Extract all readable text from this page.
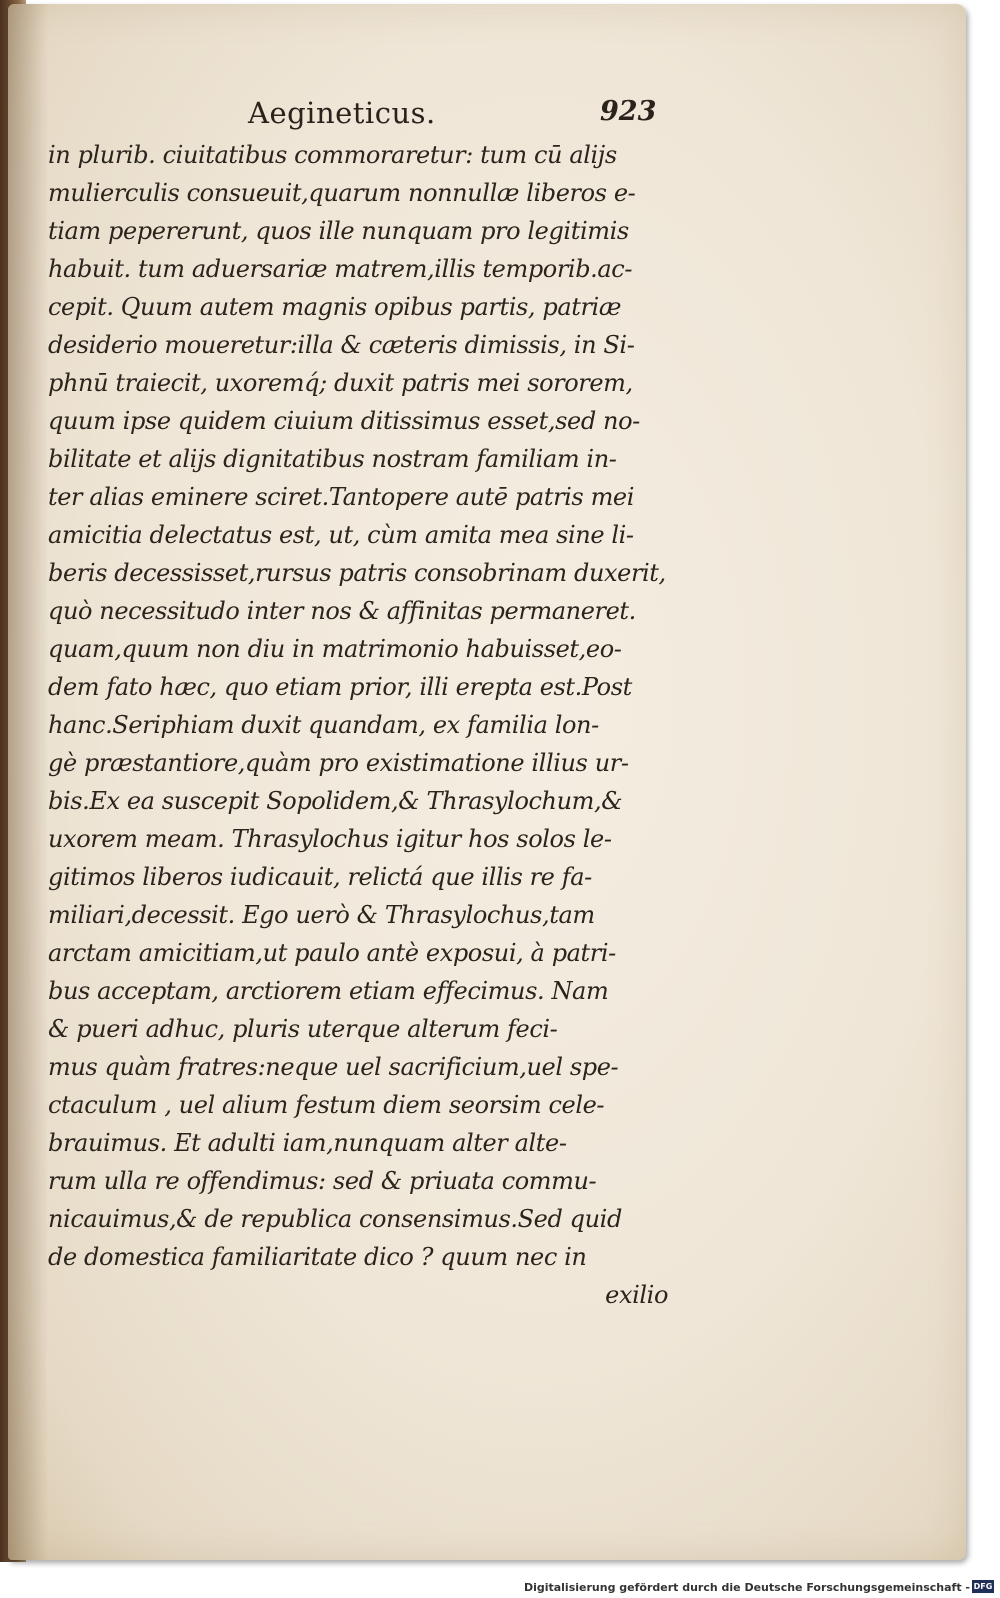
Aegineticus.	923
in plurib. ciuitatibus commoraretur: tum cū alijs
mulierculis consueuit,quarum nonnullæ liberos e-
tiam pepererunt, quos ille nunquam pro legitimis
habuit. tum aduersariæ matrem,illis temporib.ac-
cepit. Quum autem magnis opibus partis, patriæ
desiderio moueretur:illa & cæteris dimissis, in Si-
phnū traiecit, uxoremq́; duxit patris mei sororem,
quum ipse quidem ciuium ditissimus esset,sed no-
bilitate et alijs dignitatibus nostram familiam in-
ter alias eminere sciret.Tantopere autē patris mei
amicitia delectatus est, ut, cùm amita mea sine li-
beris decessisset,rursus patris consobrinam duxerit,
quò necessitudo inter nos & affinitas permaneret.
quam,quum non diu in matrimonio habuisset,eo-
dem fato hæc, quo etiam prior, illi erepta est.Post
hanc.Seriphiam duxit quandam, ex familia lon-
gè præstantiore,quàm pro existimatione illius ur-
bis.Ex ea suscepit Sopolidem,& Thrasylochum,&
uxorem meam. Thrasylochus igitur hos solos le-
gitimos liberos iudicauit, relictá que illis re fa-
miliari,decessit. Ego uerò & Thrasylochus,tam
arctam amicitiam,ut paulo antè exposui, à patri-
bus acceptam, arctiorem etiam effecimus. Nam
& pueri adhuc, pluris uterque alterum feci-
mus quàm fratres:neque uel sacrificium,uel spe-
ctaculum , uel alium festum diem seorsim cele-
brauimus. Et adulti iam,nunquam alter alte-
rum ulla re offendimus: sed & priuata commu-
nicauimus,& de republica consensimus.Sed quid
de domestica familiaritate dico ? quum nec in
exilio
Digitalisierung gefördert durch die Deutsche Forschungsgemeinschaft - DFG
